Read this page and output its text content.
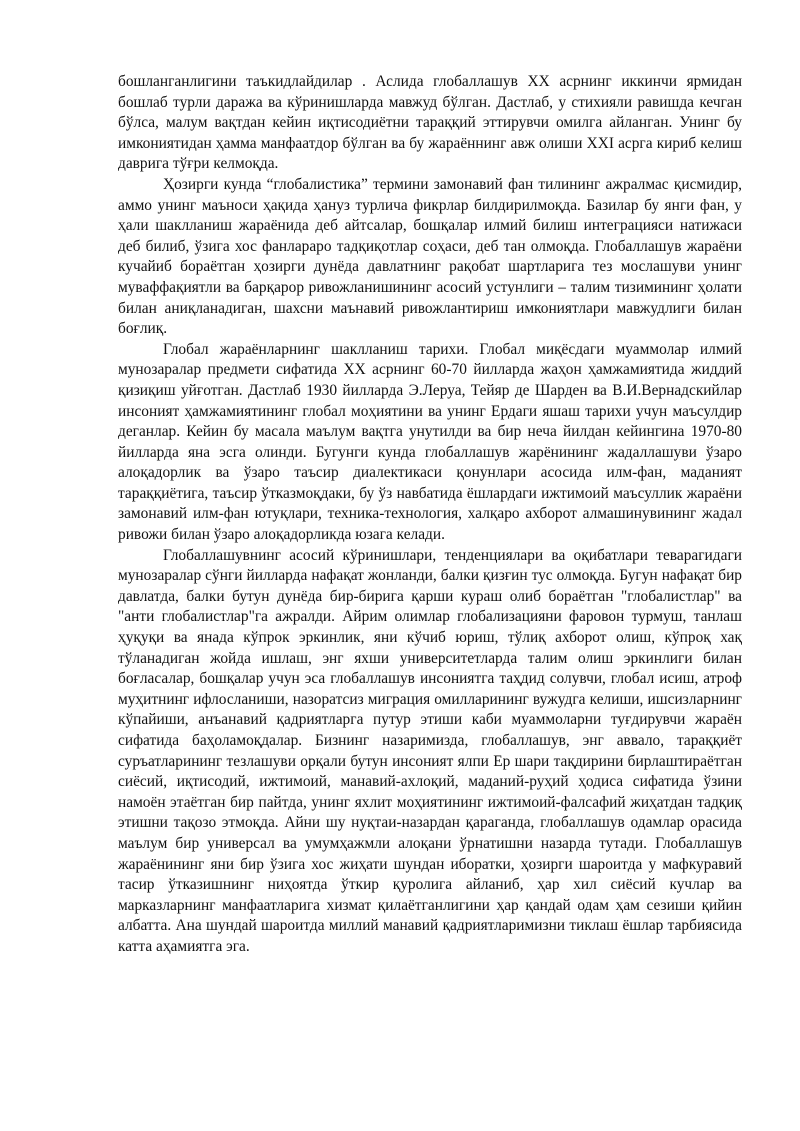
бошланганлигини таъкидлайдилар . Аслида глобаллашув XX асрнинг иккинчи ярмидан бошлаб турли даража ва кўринишларда мавжуд бўлган. Дастлаб, у стихияли равишда кечган бўлса, малум вақтдан кейин иқтисодиётни тараққий эттирувчи омилга айланган. Унинг бу имкониятидан ҳамма манфаатдор бўлган ва бу жараённинг авж олиши XXI асрга кириб келиш даврига тўғри келмоқда.

Ҳозирги кунда “глобалистика” термини замонавий фан тилининг ажралмас қисмидир, аммо унинг маъноси ҳақида ҳануз турлича фикрлар билдирилмоқда. Базилар бу янги фан, у ҳали шаклланиш жараёнида деб айтсалар, бошқалар илмий билиш интеграцияси натижаси деб билиб, ўзига хос фанлараро тадқиқотлар соҳаси, деб тан олмоқда. Глобаллашув жараёни кучайиб бораётган ҳозирги дунёда давлатнинг рақобат шартларига тез мослашуви унинг муваффақиятли ва барқарор ривожланишининг асосий устунлиги – талим тизимининг ҳолати билан аниқланадиган, шахсни маънавий ривожлантириш имкониятлари мавжудлиги билан боғлиқ.

Глобал жараёнларнинг шаклланиш тарихи. Глобал миқёсдаги муаммолар илмий мунозаралар предмети сифатида XX асрнинг 60-70 йилларда жаҳон ҳамжамиятида жиддий қизиқиш уйғотган. Дастлаб 1930 йилларда Э.Леруа, Тейяр де Шарден ва В.И.Вернадскийлар инсоният ҳамжамиятининг глобал моҳиятини ва унинг Ердаги яшаш тарихи учун маъсулдир деганлар. Кейин бу масала маълум вақтга унутилди ва бир неча йилдан кейингина 1970-80 йилларда яна эсга олинди. Бугунги кунда глобаллашув жарёнининг жадаллашуви ўзаро алоқадорлик ва ўзаро таъсир диалектикаси қонунлари асосида илм-фан, маданият тараққиётига, таъсир ўтказмоқдаки, бу ўз навбатида ёшлардаги ижтимоий маъсуллик жараёни замонавий илм-фан ютуқлари, техника-технология, халқаро ахборот алмашинувининг жадал ривожи билан ўзаро алоқадорликда юзага келади.

Глобаллашувнинг асосий кўринишлари, тенденциялари ва оқибатлари теварагидаги мунозаралар сўнги йилларда нафақат жонланди, балки қизғин тус олмоқда. Бугун нафақат бир давлатда, балки бутун дунёда бир-бирига қарши кураш олиб бораётган "глобалистлар" ва "анти глобалистлар"га ажралди. Айрим олимлар глобализацияни фаровон турмуш, танлаш ҳуқуқи ва янада кўпрок эркинлик, яни кўчиб юриш, тўлиқ ахборот олиш, кўпроқ хақ тўланадиган жойда ишлаш, энг яхши университетларда талим олиш эркинлиги билан боғласалар, бошқалар учун эса глобаллашув инсониятга таҳдид солувчи, глобал исиш, атроф муҳитнинг ифлосланиши, назоратсиз миграция омилларининг вужудга келиши, ишсизларнинг кўпайиши, анъанавий қадриятларга путур этиши каби муаммоларни туғдирувчи жараён сифатида баҳоламоқдалар. Бизнинг назаримизда, глобаллашув, энг аввало, тараққиёт суръатларининг тезлашуви орқали бутун инсоният ялпи Ер шари тақдирини бирлаштираётган сиёсий, иқтисодий, ижтимоий, манавий-ахлоқий, маданий-руҳий ҳодиса сифатида ўзини намоён этаётган бир пайтда, унинг яхлит моҳиятининг ижтимоий-фалсафий жиҳатдан тадқиқ этишни тақозо этмоқда. Айни шу нуқтаи-назардан қараганда, глобаллашув одамлар орасида маълум бир универсал ва умумҳажмли алоқани ўрнатишни назарда тутади. Глобаллашув жараёнининг яни бир ўзига хос жиҳати шундан иборатки, ҳозирги шароитда у мафкуравий тасир ўтказишнинг ниҳоятда ўткир қуролига айланиб, ҳар хил сиёсий кучлар ва марказларнинг манфаатларига хизмат қилаётганлигини ҳар қандай одам ҳам сезиши қийин албатта. Ана шундай шароитда миллий манавий қадриятларимизни тиклаш ёшлар тарбиясида катта аҳамиятга эга.
